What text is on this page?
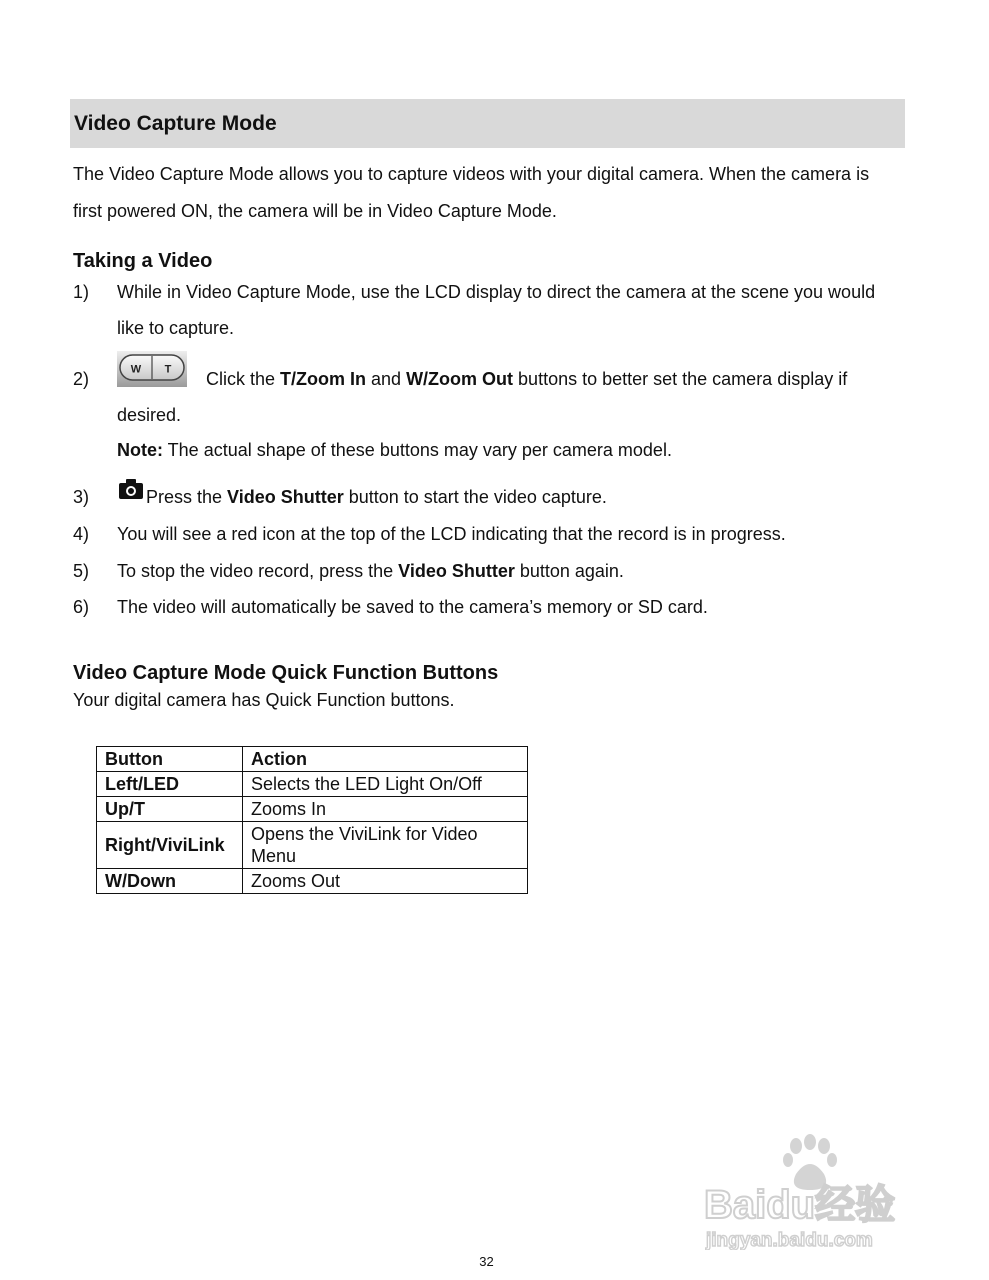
Video Capture Mode
The Video Capture Mode allows you to capture videos with your digital camera. When the camera is first powered ON, the camera will be in Video Capture Mode.
Taking a Video
1) While in Video Capture Mode, use the LCD display to direct the camera at the scene you would like to capture.
W T
2)	Click the T/Zoom In and W/Zoom Out buttons to better set the camera display if desired.
Note: The actual shape of these buttons may vary per camera model.
3)	Press the Video Shutter button to start the video capture.
4) You will see a red icon at the top of the LCD indicating that the record is in progress.
5) To stop the video record, press the Video Shutter button again.
6) The video will automatically be saved to the camera’s memory or SD card.
Video Capture Mode Quick Function Buttons
Your digital camera has Quick Function buttons.
Button	Action
Left/LED	Selects the LED Light On/Off
Up/T	Zooms In
Right/ViviLink	Opens the ViviLink for Video Menu
W/Down	Zooms Out
Baidu经验
jingyan.baidu.com
32
